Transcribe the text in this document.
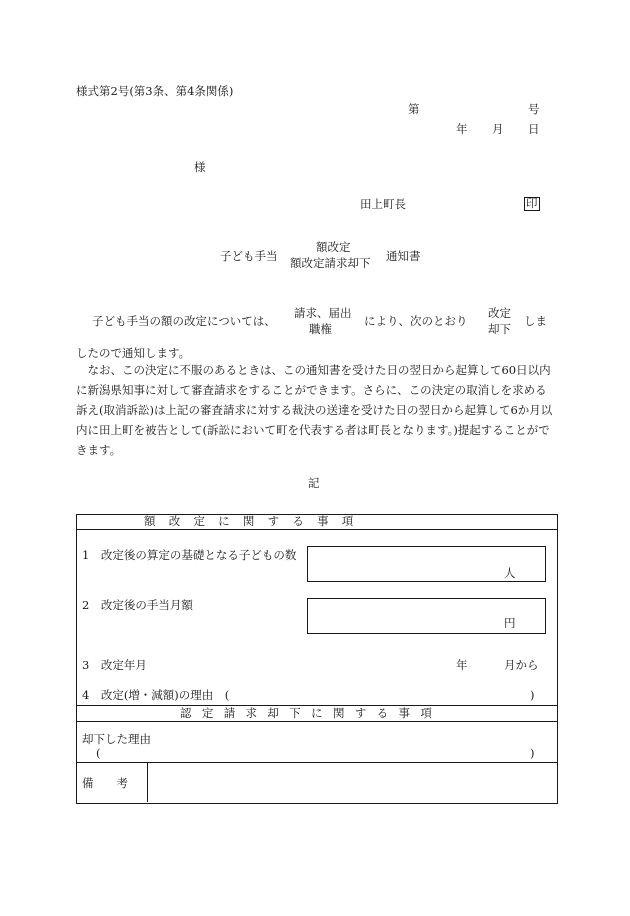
様式第2号(第3条、第4条関係)
第	号
年 月 日
様
田上町長	印
子ども手当
額改定
額改定請求却下 通知書
子ども手当の額の改定については、
請求、届出
職権
により、次のとおり
改定
却下
しま
したので通知します。
なお、この決定に不服のあるときは、この通知書を受けた日の翌日から起算して60日以内に新潟県知事に対して審査請求をすることができます。さらに、この決定の取消しを求める訴え(取消訴訟)は上記の審査請求に対する裁決の送達を受けた日の翌日から起算して6か月以内に田上町を被告として(訴訟において町を代表する者は町長となります。)提起することができます。
記
額改定に関する事項
1　改定後の算定の基礎となる子どもの数
人
2　改定後の手当月額
円
3　改定年月	年	月から
4　改定(増・減額)の理由　(	)
認定請求却下に関する事項
却下した理由
(	)
備　　考
